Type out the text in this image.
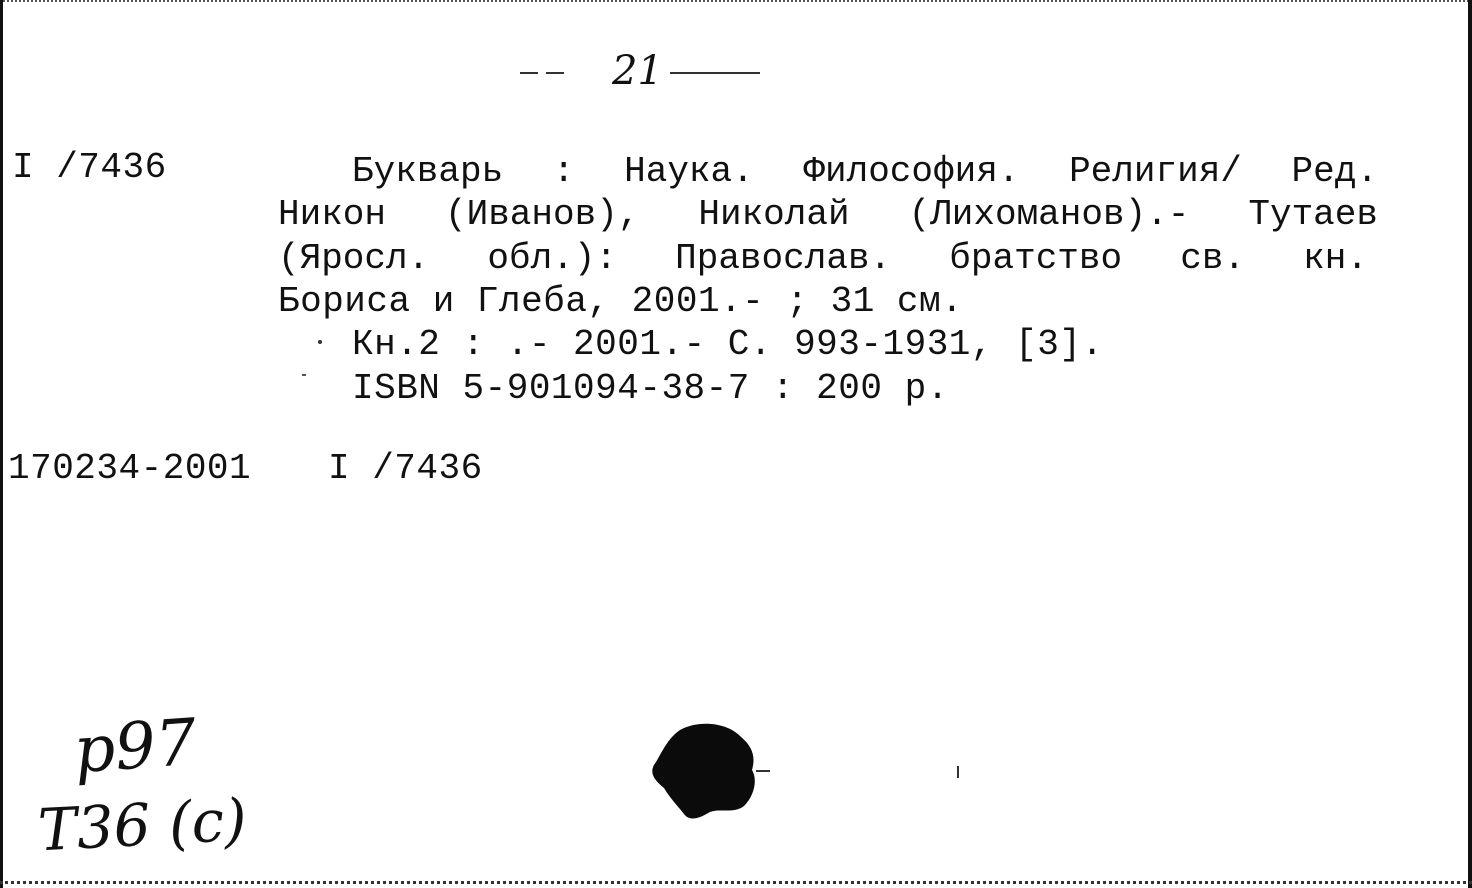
21
I /7436	Букварь : Наука. Философия. Религия/ Ред.
Никон (Иванов), Николай (Лихоманов).- Тутаев
(Яросл. обл.): Православ. братство св. кн.
Бориса и Глеба, 2001.- ; 31 см.
Кн.2 : .- 2001.- С. 993-1931, [3].
ISBN 5-901094-38-7 : 200 р.
170234-2001 I /7436
р97
Т36 (с)
